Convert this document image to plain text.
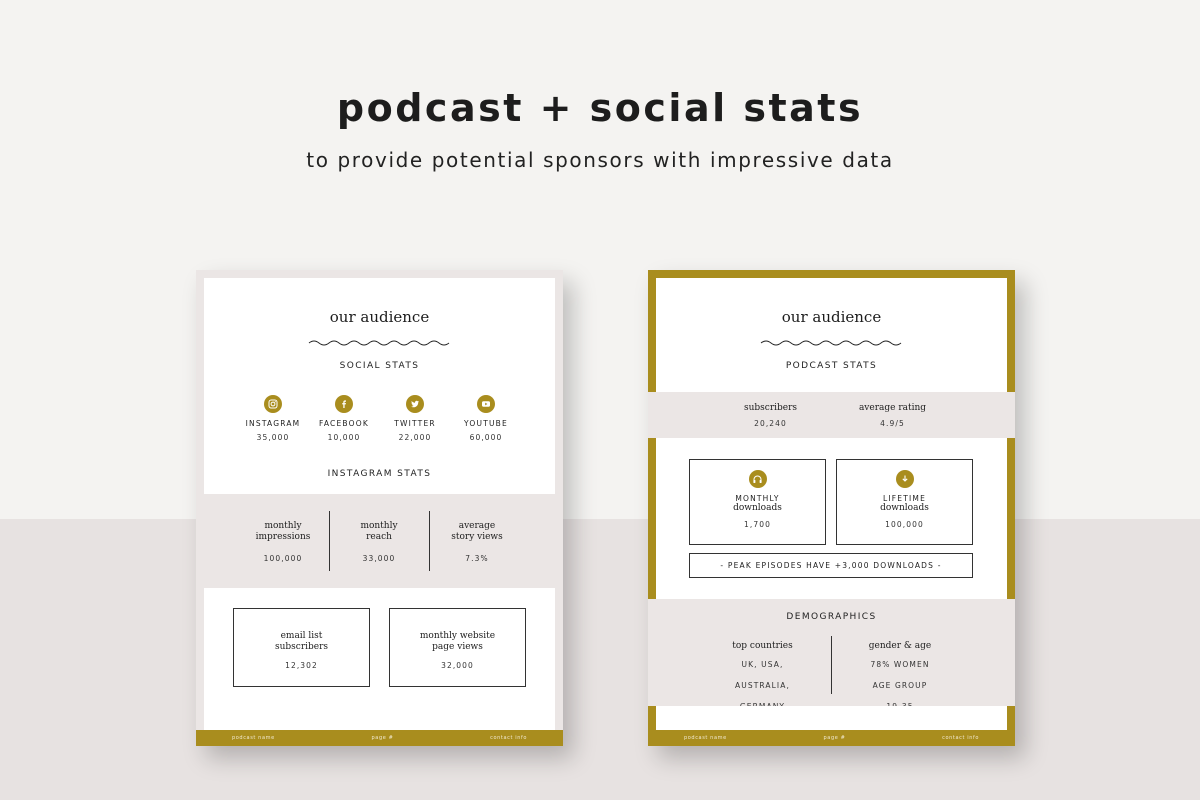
podcast + social stats
to provide potential sponsors with impressive data
our audience
SOCIAL STATS
INSTAGRAM
35,000
FACEBOOK
10,000
TWITTER
22,000
YOUTUBE
60,000
INSTAGRAM STATS
monthly
impressions
100,000
monthly
reach
33,000
average
story views
7.3%
email list
subscribers
12,302
monthly website
page views
32,000
podcast name	page #	contact info
our audience
PODCAST STATS
subscribers
20,240
average rating
4.9/5
MONTHLY
downloads
1,700
LIFETIME
downloads
100,000
- PEAK EPISODES HAVE +3,000 DOWNLOADS -
DEMOGRAPHICS
top countries
UK, USA,
AUSTRALIA,
gender & age
78% WOMEN
AGE GROUP
podcast name	page #	contact info
